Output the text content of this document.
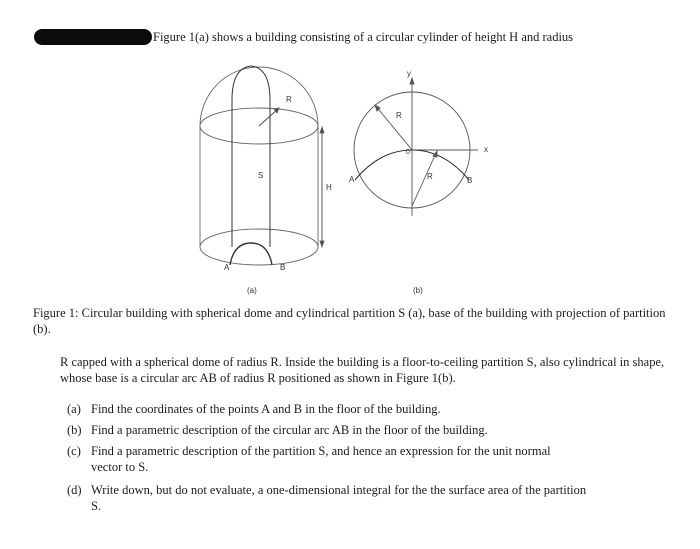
Figure 1(a) shows a building consisting of a circular cylinder of height H and radius
R
S
H
A	B
y
x
R
R
0
A	B
(a)	(b)
Figure 1: Circular building with spherical dome and cylindrical partition S (a), base of the building with projection of partition (b).
R capped with a spherical dome of radius R. Inside the building is a floor-to-ceiling partition S, also cylindrical in shape, whose base is a circular arc AB of radius R positioned as shown in Figure 1(b).
(a) Find the coordinates of the points A and B in the floor of the building.
(b) Find a parametric description of the circular arc AB in the floor of the building.
(c) Find a parametric description of the partition S, and hence an expression for the unit normal
vector to S.
(d) Write down, but do not evaluate, a one-dimensional integral for the the surface area of the partition
S.
